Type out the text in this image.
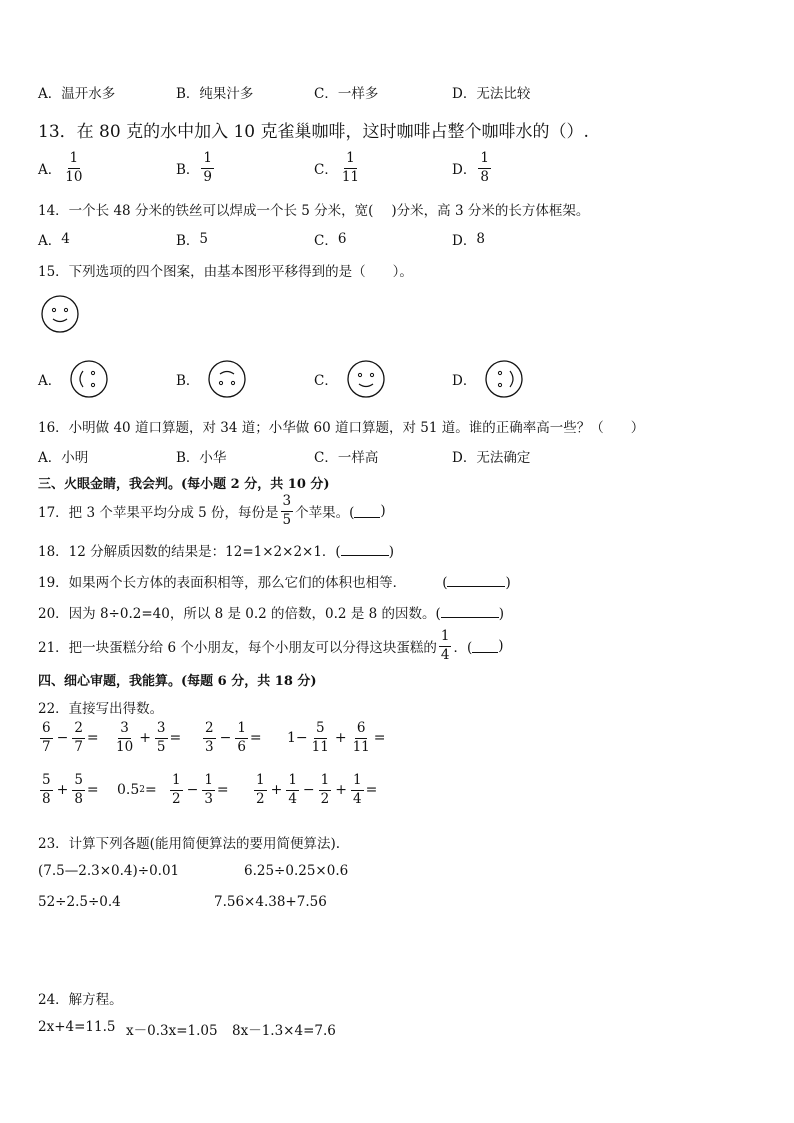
A． 温开水多	B． 纯果汁多	C． 一样多	D． 无法比较
13．在 80 克的水中加入 10 克雀巢咖啡，这时咖啡占整个咖啡水的（）.
A． $\frac{1}{10}$	B． $\frac{1}{9}$	C． $\frac{1}{11}$	D． $\frac{1}{8}$
14．一个长 48 分米的铁丝可以焊成一个长 5 分米，宽( )分米，高 3 分米的长方体框架。
A． 4	B． 5	C． 6	D． 8
15．下列选项的四个图案，由基本图形平移得到的是（　　）。
A．	B．	C．	D．
16．小明做 40 道口算题，对 34 道；小华做 60 道口算题，对 51 道。谁的正确率高一些？（　　）
A． 小明	B． 小华	C． 一样高	D． 无法确定
三、火眼金睛，我会判。(每小题 2 分，共 10 分)
17．把 3 个苹果平均分成 5 份，每份是 $\frac{3}{5}$ 个苹果。( )
18．12 分解质因数的结果是：12=1×2×2×1．(	)
19．如果两个长方体的表面积相等，那么它们的体积也相等．	(	)
20．因为 8÷0.2=40，所以 8 是 0.2 的倍数，0.2 是 8 的因数。(	)
21．把一块蛋糕分给 6 个小朋友，每个小朋友可以分得这块蛋糕的 $\frac{1}{4}$ ．( )
四、细心审题，我能算。(每题 6 分，共 18 分)
22．直接写出得数。
$\frac{6}{7} - \frac{2}{7} = \frac{3}{10} + \frac{3}{5} = \frac{2}{3} - \frac{1}{6} = 1- \frac{5}{11} + \frac{6}{11}$ =
$\frac{5}{8} + \frac{5}{8} = 0.5$ $2 = \frac{1}{2} - \frac{1}{3} = \frac{1}{2} + \frac{1}{4} - \frac{1}{2} + \frac{1}{4}$ =
23．计算下列各题(能用简便算法的要用简便算法).
(7.5—2.3×0.4)÷0.01	6.25÷0.25×0.6
52÷2.5÷0.4	7.56×4.38+7.56
24．解方程。
2x+4=11.5 x－0.3x=1.05 8x－1.3×4=7.6
